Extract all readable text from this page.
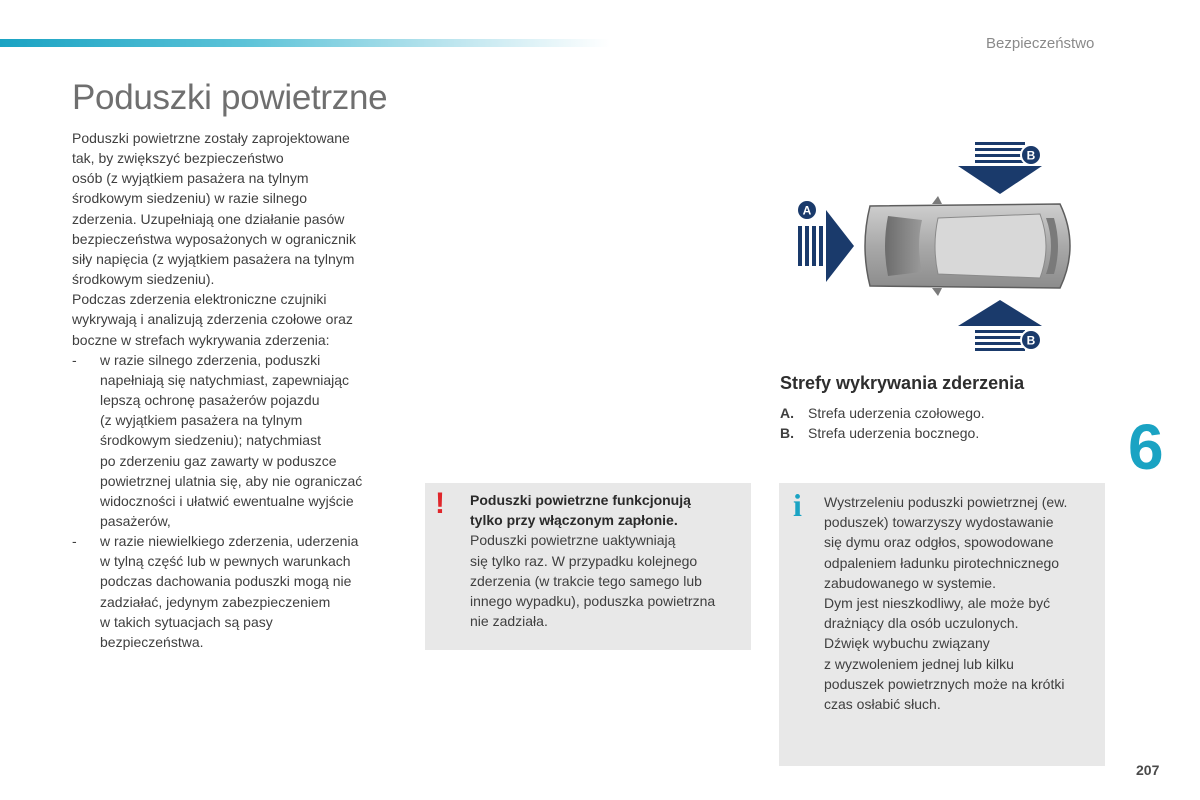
Bezpieczeństwo
Poduszki powietrzne

Poduszki powietrzne zostały zaprojektowane

tak, by zwiększyć bezpieczeństwo

osób (z wyjątkiem pasażera na tylnym

środkowym siedzeniu) w razie silnego

zderzenia. Uzupełniają one działanie pasów

bezpieczeństwa wyposażonych w ogranicznik

siły napięcia (z wyjątkiem pasażera na tylnym

środkowym siedzeniu).

Podczas zderzenia elektroniczne czujniki

wykrywają i analizują zderzenia czołowe oraz

boczne w strefach wykrywania zderzenia:

-	w razie silnego zderzenia, poduszki

napełniają się natychmiast, zapewniając

lepszą ochronę pasażerów pojazdu

(z wyjątkiem pasażera na tylnym

środkowym siedzeniu); natychmiast

po zderzeniu gaz zawarty w poduszce

powietrznej ulatnia się, aby nie ograniczać

widoczności i ułatwić ewentualne wyjście

pasażerów,

-	w razie niewielkiego zderzenia, uderzenia

w tylną część lub w pewnych warunkach

podczas dachowania poduszki mogą nie

zadziałać, jedynym zabezpieczeniem

w takich sytuacjach są pasy

bezpieczeństwa.

B
A
B
Strefy wykrywania zderzenia
A.	Strefa uderzenia czołowego.
B.	Strefa uderzenia bocznego. 6
! Poduszki powietrzne funkcjonują

tylko przy włączonym zapłonie.

Poduszki powietrzne uaktywniają

się tylko raz. W przypadku kolejnego

zderzenia (w trakcie tego samego lub

innego wypadku), poduszka powietrzna

nie zadziała.

i Wystrzeleniu poduszki powietrznej (ew.

poduszek) towarzyszy wydostawanie

się dymu oraz odgłos, spowodowane

odpaleniem ładunku pirotechnicznego

zabudowanego w systemie.

Dym jest nieszkodliwy, ale może być

drażniący dla osób uczulonych.

Dźwięk wybuchu związany

z wyzwoleniem jednej lub kilku

poduszek powietrznych może na krótki

czas osłabić słuch.

207
